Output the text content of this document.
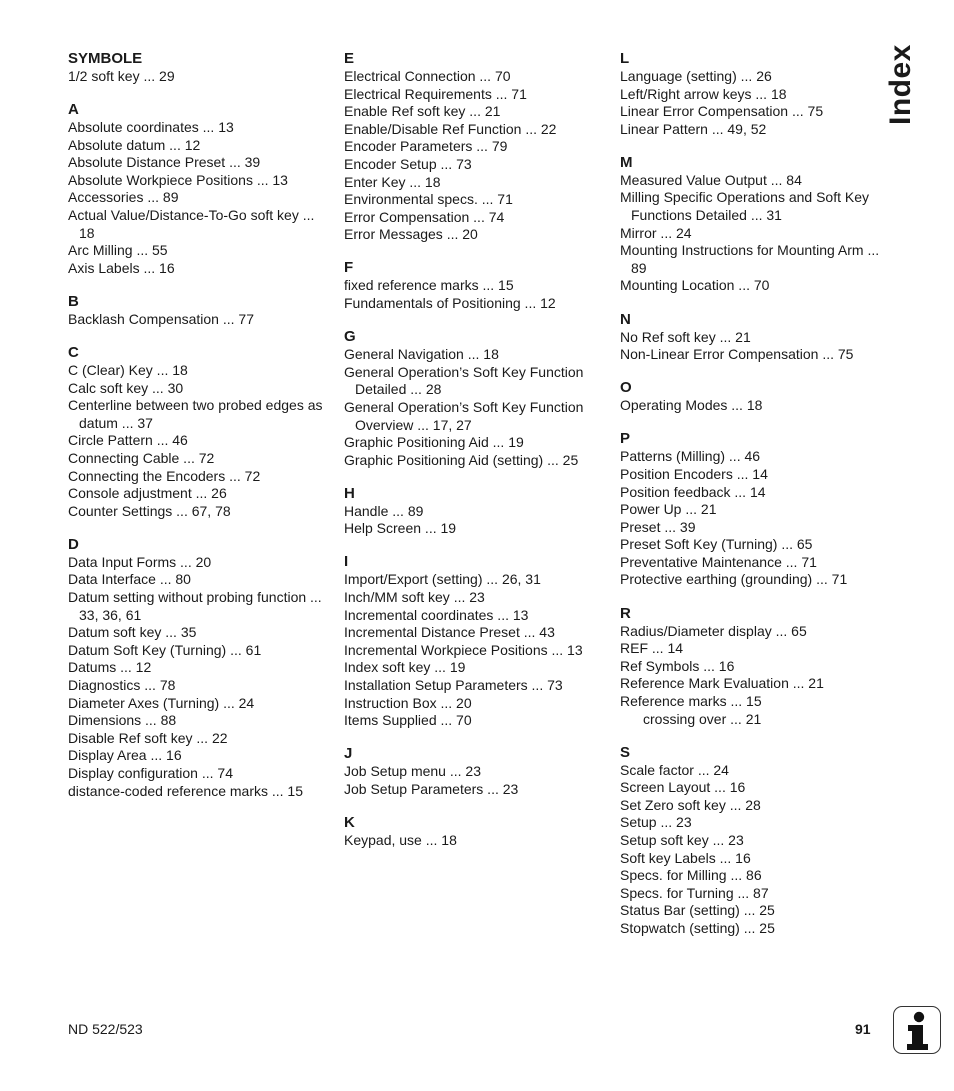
SYMBOLE
1/2 soft key ... 29
A
Absolute coordinates ... 13
Absolute datum ... 12
Absolute Distance Preset ... 39
Absolute Workpiece Positions ... 13
Accessories ... 89
Actual Value/Distance-To-Go soft key ... 18
Arc Milling ... 55
Axis Labels ... 16
B
Backlash Compensation ... 77
C
C (Clear) Key ... 18
Calc soft key ... 30
Centerline between two probed edges as datum ... 37
Circle Pattern ... 46
Connecting Cable ... 72
Connecting the Encoders ... 72
Console adjustment ... 26
Counter Settings ... 67, 78
D
Data Input Forms ... 20
Data Interface ... 80
Datum setting without probing function ... 33, 36, 61
Datum soft key ... 35
Datum Soft Key (Turning) ... 61
Datums ... 12
Diagnostics ... 78
Diameter Axes (Turning) ... 24
Dimensions ... 88
Disable Ref soft key ... 22
Display Area ... 16
Display configuration ... 74
distance-coded reference marks ... 15
E
Electrical Connection ... 70
Electrical Requirements ... 71
Enable Ref soft key ... 21
Enable/Disable Ref Function ... 22
Encoder Parameters ... 79
Encoder Setup ... 73
Enter Key ... 18
Environmental specs. ... 71
Error Compensation ... 74
Error Messages ... 20
F
fixed reference marks ... 15
Fundamentals of Positioning ... 12
G
General Navigation ... 18
General Operation’s Soft Key Function Detailed ... 28
General Operation’s Soft Key Function Overview ... 17, 27
Graphic Positioning Aid ... 19
Graphic Positioning Aid (setting) ... 25
H
Handle ... 89
Help Screen ... 19
I
Import/Export (setting) ... 26, 31
Inch/MM soft key ... 23
Incremental coordinates ... 13
Incremental Distance Preset ... 43
Incremental Workpiece Positions ... 13
Index soft key ... 19
Installation Setup Parameters ... 73
Instruction Box ... 20
Items Supplied ... 70
J
Job Setup menu ... 23
Job Setup Parameters ... 23
K
Keypad, use ... 18
L
Language (setting) ... 26
Left/Right arrow keys ... 18
Linear Error Compensation ... 75
Linear Pattern ... 49, 52
M
Measured Value Output ... 84
Milling Specific Operations and Soft Key Functions Detailed ... 31
Mirror ... 24
Mounting Instructions for Mounting Arm ... 89
Mounting Location ... 70
N
No Ref soft key ... 21
Non-Linear Error Compensation ... 75
O
Operating Modes ... 18
P
Patterns (Milling) ... 46
Position Encoders ... 14
Position feedback ... 14
Power Up ... 21
Preset ... 39
Preset Soft Key (Turning) ... 65
Preventative Maintenance ... 71
Protective earthing (grounding) ... 71
R
Radius/Diameter display ... 65
REF ... 14
Ref Symbols ... 16
Reference Mark Evaluation ... 21
Reference marks ... 15
crossing over ... 21
S
Scale factor ... 24
Screen Layout ... 16
Set Zero soft key ... 28
Setup ... 23
Setup soft key ... 23
Soft key Labels ... 16
Specs. for Milling ... 86
Specs. for Turning ... 87
Status Bar (setting) ... 25
Stopwatch (setting) ... 25
Index
ND 522/523	91
